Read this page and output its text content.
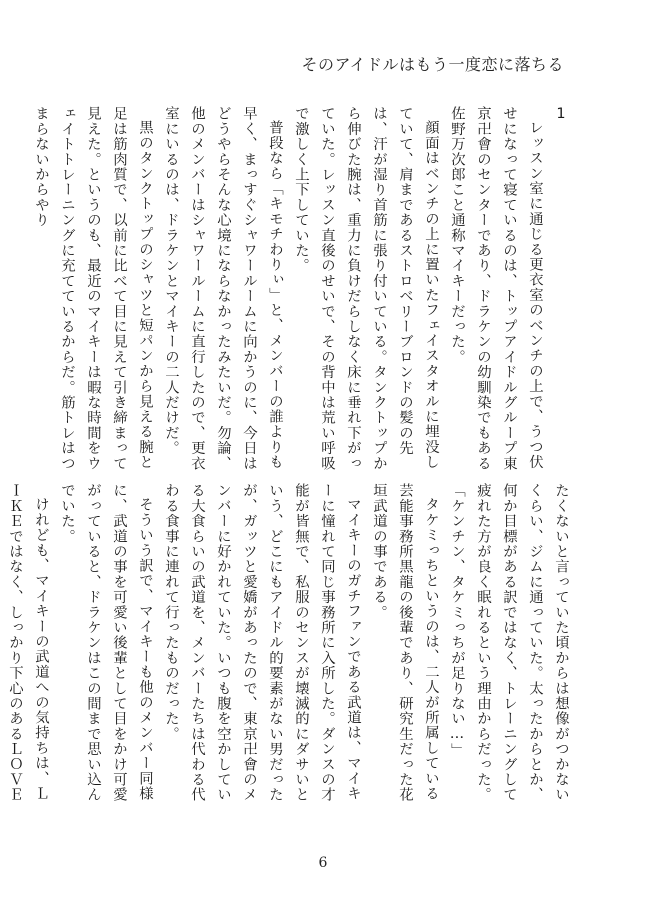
そのアイドルはもう一度恋に落ちる

1

レッスン室に通じる更衣室のベンチの上で、うつ伏せになって寝ているのは、トップアイドルグループ東京卍會のセンターであり、ドラケンの幼馴染でもある佐野万次郎こと通称マイキーだった。

顔面はベンチの上に置いたフェイスタオルに埋没していて、肩まであるストロベリーブロンドの髪の先は、汗が湿り首筋に張り付いている。タンクトップから伸びた腕は、重力に負けだらしなく床に垂れ下がっていた。レッスン直後のせいで、その背中は荒い呼吸で激しく上下していた。

普段なら「キモチわりぃ」と、メンバーの誰よりも早く、まっすぐシャワールームに向かうのに、今日はどうやらそんな心境にならなかったみたいだ。勿論、他のメンバーはシャワールームに直行したので、更衣室にいるのは、ドラケンとマイキーの二人だけだ。

黒のタンクトップのシャツと短パンから見える腕と足は筋肉質で、以前に比べて目に見えて引き締まって見えた。というのも、最近のマイキーは暇な時間をウェイトトレーニングに充てているからだ。筋トレはつまらないからやり

たくないと言っていた頃からは想像がつかないくらい、ジムに通っていた。太ったからとか、何か目標がある訳ではなく、トレーニングして疲れた方が良く眠れるという理由からだった。

「ケンチン、タケミっちが足りない…」

タケミっちというのは、二人が所属している芸能事務所黒龍の後輩であり、研究生だった花垣武道の事である。

マイキーのガチファンである武道は、マイキーに憧れて同じ事務所に入所した。ダンスの才能が皆無で、私服のセンスが壊滅的にダサいという、どこにもアイドル的要素がない男だったが、ガッツと愛嬌があったので、東京卍會のメンバーに好かれていた。いつも腹を空かしている大食らいの武道を、メンバーたちは代わる代わる食事に連れて行ったものだった。

そういう訳で、マイキーも他のメンバー同様に、武道の事を可愛い後輩として目をかけ可愛がっていると、ドラケンはこの間まで思い込んでいた。

けれども、マイキーの武道への気持ちは、ＬＩＫＥではなく、しっかり下心のあるＬＯＶＥ

6
